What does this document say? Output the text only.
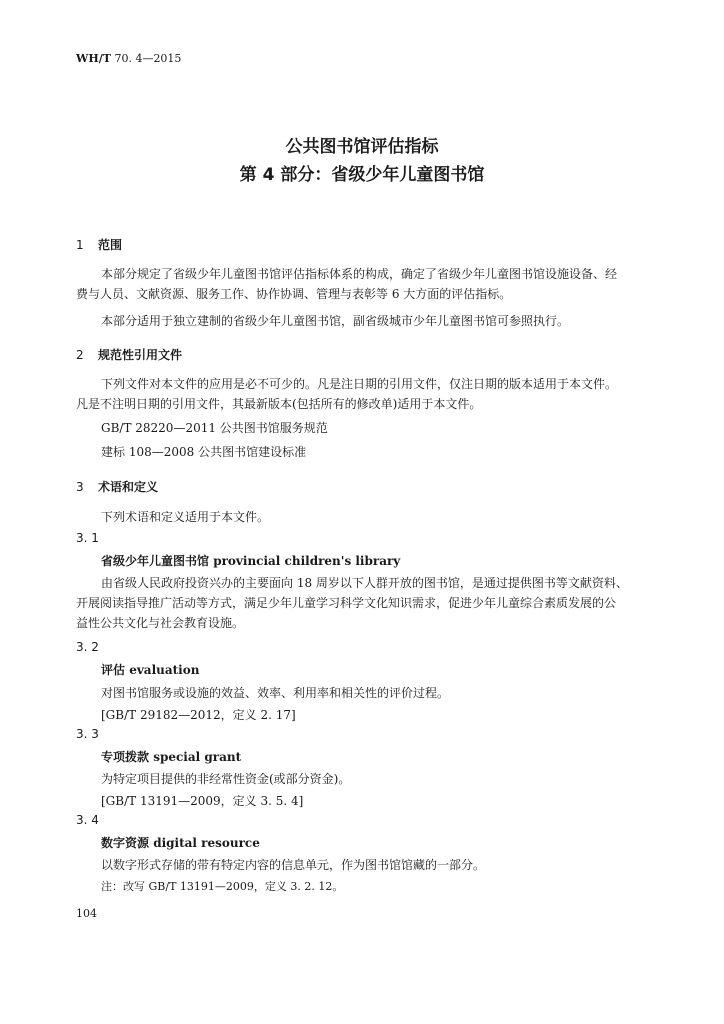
WH/T 70. 4—2015
公共图书馆评估指标
第 4 部分：省级少年儿童图书馆
1 范围
本部分规定了省级少年儿童图书馆评估指标体系的构成，确定了省级少年儿童图书馆设施设备、经
费与人员、文献资源、服务工作、协作协调、管理与表彰等 6 大方面的评估指标。
本部分适用于独立建制的省级少年儿童图书馆，副省级城市少年儿童图书馆可参照执行。
2 规范性引用文件
下列文件对本文件的应用是必不可少的。凡是注日期的引用文件，仅注日期的版本适用于本文件。
凡是不注明日期的引用文件，其最新版本(包括所有的修改单)适用于本文件。
GB/T 28220—2011 公共图书馆服务规范
建标 108—2008 公共图书馆建设标准
3 术语和定义
下列术语和定义适用于本文件。
3. 1
省级少年儿童图书馆 provincial children's library
由省级人民政府投资兴办的主要面向 18 周岁以下人群开放的图书馆，是通过提供图书等文献资料、
开展阅读指导推广活动等方式，满足少年儿童学习科学文化知识需求，促进少年儿童综合素质发展的公
益性公共文化与社会教育设施。
3. 2
评估 evaluation
对图书馆服务或设施的效益、效率、利用率和相关性的评价过程。
[GB/T 29182—2012，定义 2. 17]
3. 3
专项拨款 special grant
为特定项目提供的非经常性资金(或部分资金)。
[GB/T 13191—2009，定义 3. 5. 4]
3. 4
数字资源 digital resource
以数字形式存储的带有特定内容的信息单元，作为图书馆馆藏的一部分。
注：改写 GB/T 13191—2009，定义 3. 2. 12。
104
